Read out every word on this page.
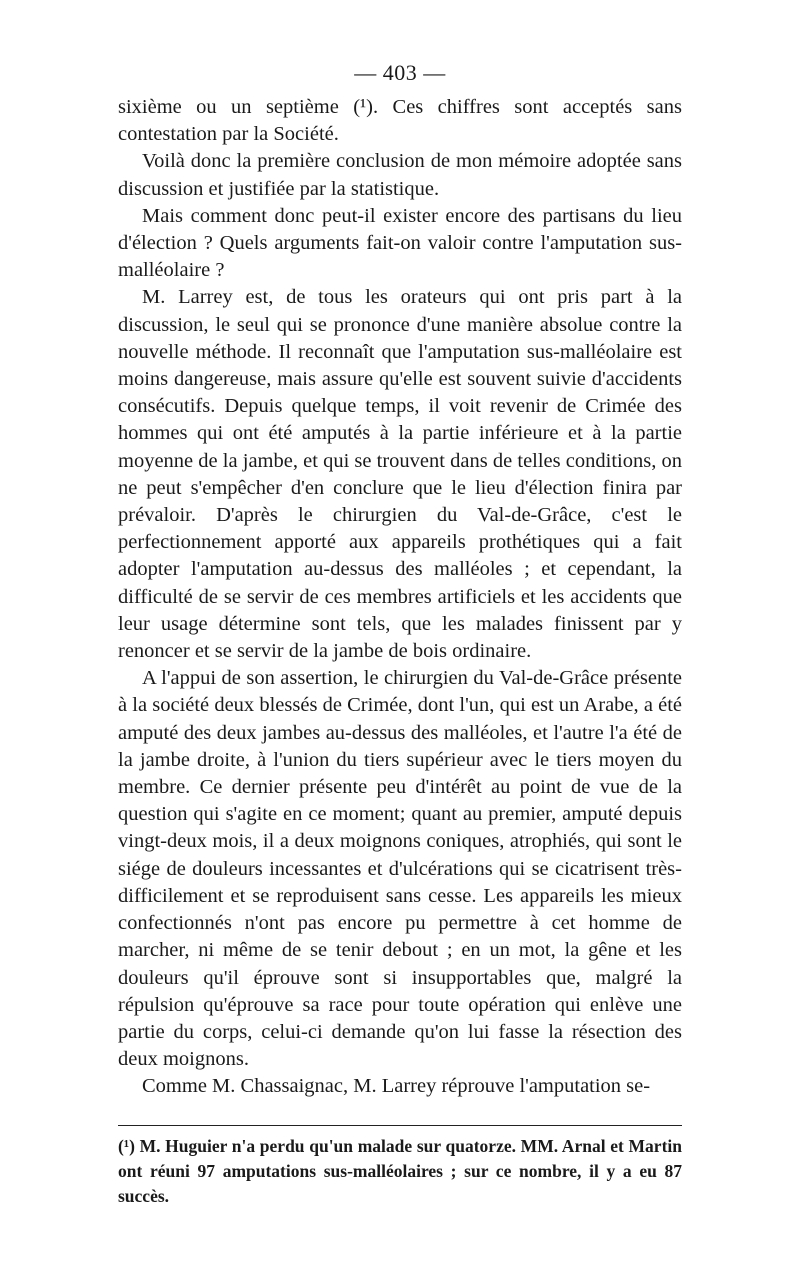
— 403 —

sixième ou un septième (¹). Ces chiffres sont acceptés sans contestation par la Société.

Voilà donc la première conclusion de mon mémoire adoptée sans discussion et justifiée par la statistique.

Mais comment donc peut-il exister encore des partisans du lieu d'élection ? Quels arguments fait-on valoir contre l'amputation sus-malléolaire ?

M. Larrey est, de tous les orateurs qui ont pris part à la discussion, le seul qui se prononce d'une manière absolue contre la nouvelle méthode. Il reconnaît que l'amputation sus-malléolaire est moins dangereuse, mais assure qu'elle est souvent suivie d'accidents consécutifs. Depuis quelque temps, il voit revenir de Crimée des hommes qui ont été amputés à la partie inférieure et à la partie moyenne de la jambe, et qui se trouvent dans de telles conditions, on ne peut s'empêcher d'en conclure que le lieu d'élection finira par prévaloir. D'après le chirurgien du Val-de-Grâce, c'est le perfectionnement apporté aux appareils prothétiques qui a fait adopter l'amputation au-dessus des malléoles ; et cependant, la difficulté de se servir de ces membres artificiels et les accidents que leur usage détermine sont tels, que les malades finissent par y renoncer et se servir de la jambe de bois ordinaire.

A l'appui de son assertion, le chirurgien du Val-de-Grâce présente à la société deux blessés de Crimée, dont l'un, qui est un Arabe, a été amputé des deux jambes au-dessus des malléoles, et l'autre l'a été de la jambe droite, à l'union du tiers supérieur avec le tiers moyen du membre. Ce dernier présente peu d'intérêt au point de vue de la question qui s'agite en ce moment; quant au premier, amputé depuis vingt-deux mois, il a deux moignons coniques, atrophiés, qui sont le siége de douleurs incessantes et d'ulcérations qui se cicatrisent très-difficilement et se reproduisent sans cesse. Les appareils les mieux confectionnés n'ont pas encore pu permettre à cet homme de marcher, ni même de se tenir debout ; en un mot, la gêne et les douleurs qu'il éprouve sont si insupportables que, malgré la répulsion qu'éprouve sa race pour toute opération qui enlève une partie du corps, celui-ci demande qu'on lui fasse la résection des deux moignons.

Comme M. Chassaignac, M. Larrey réprouve l'amputation se-

(¹) M. Huguier n'a perdu qu'un malade sur quatorze. MM. Arnal et Martin ont réuni 97 amputations sus-malléolaires ; sur ce nombre, il y a eu 87 succès.
